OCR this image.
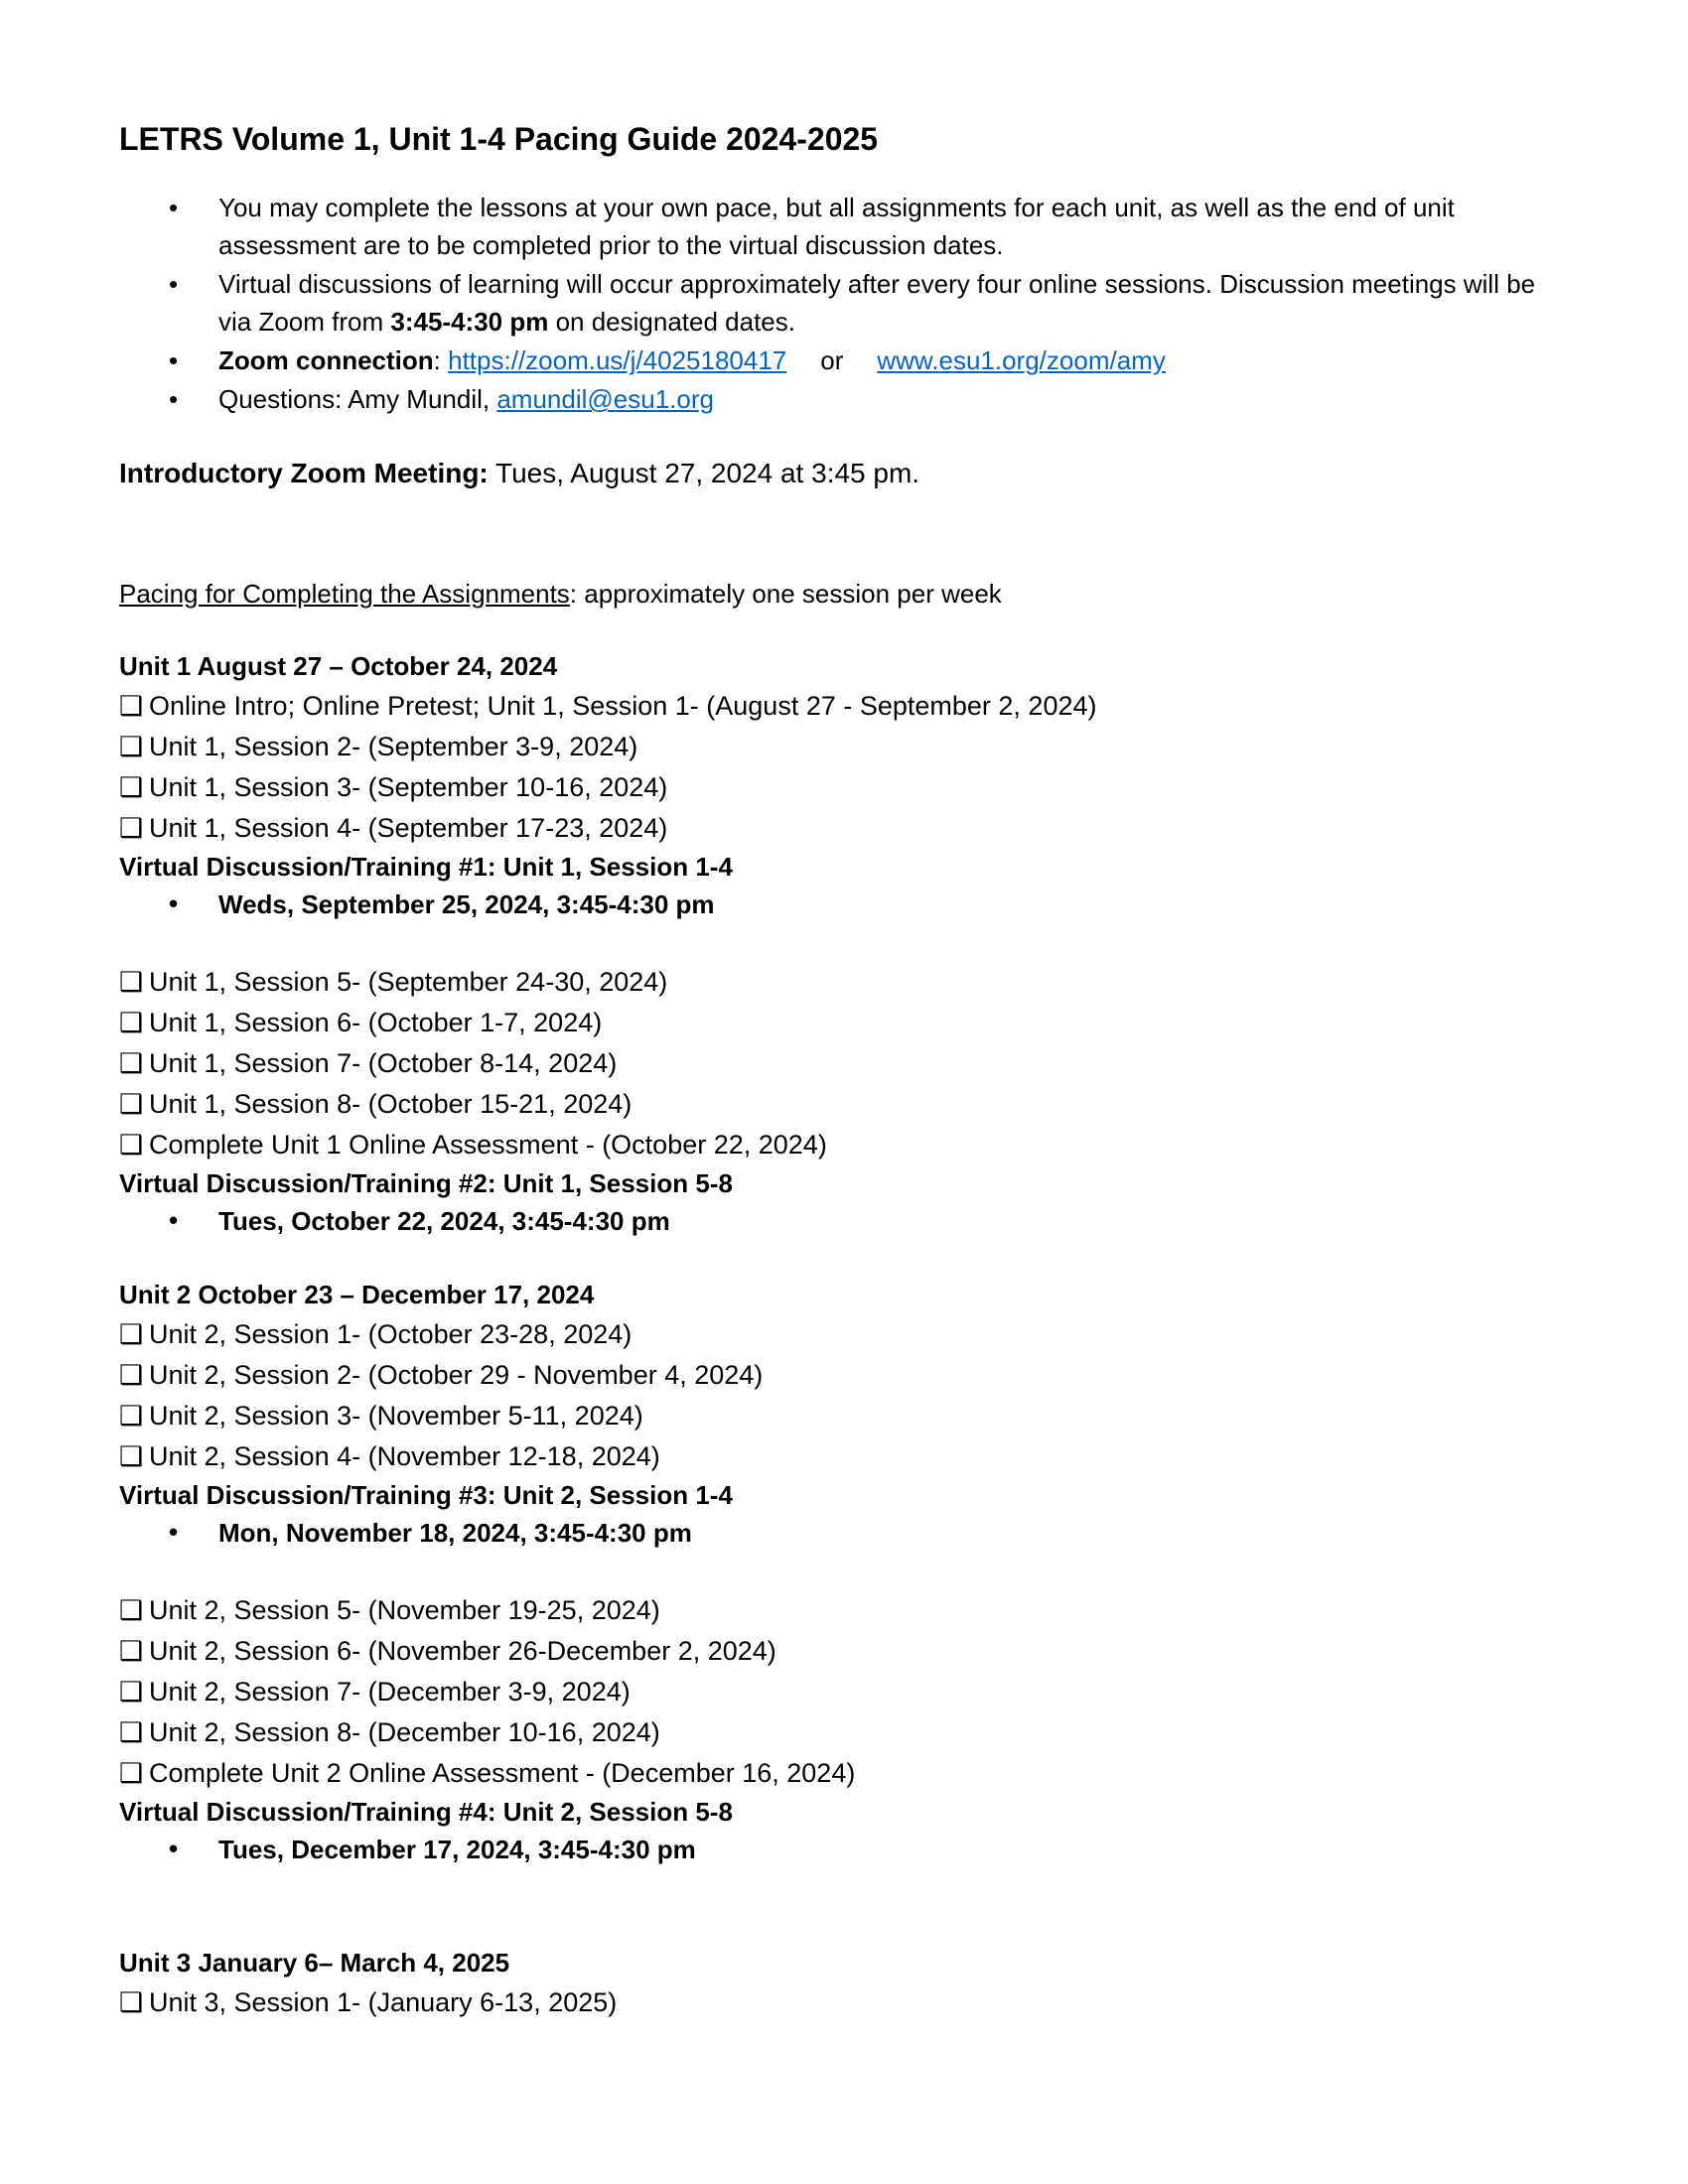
LETRS Volume 1, Unit 1-4 Pacing Guide 2024-2025
• You may complete the lessons at your own pace, but all assignments for each unit, as well as the end of unit assessment are to be completed prior to the virtual discussion dates.
• Virtual discussions of learning will occur approximately after every four online sessions. Discussion meetings will be via Zoom from 3:45-4:30 pm on designated dates.
• Zoom connection: https://zoom.us/j/4025180417 or www.esu1.org/zoom/amy
• Questions: Amy Mundil, amundil@esu1.org
Introductory Zoom Meeting: Tues, August 27, 2024 at 3:45 pm.
Pacing for Completing the Assignments: approximately one session per week
Unit 1 August 27 – October 24, 2024
❑ Online Intro; Online Pretest; Unit 1, Session 1- (August 27 - September 2, 2024)
❑ Unit 1, Session 2- (September 3-9, 2024)
❑ Unit 1, Session 3- (September 10-16, 2024)
❑ Unit 1, Session 4- (September 17-23, 2024)
Virtual Discussion/Training #1: Unit 1, Session 1-4
• Weds, September 25, 2024, 3:45-4:30 pm
❑ Unit 1, Session 5- (September 24-30, 2024)
❑ Unit 1, Session 6- (October 1-7, 2024)
❑ Unit 1, Session 7- (October 8-14, 2024)
❑ Unit 1, Session 8- (October 15-21, 2024)
❑ Complete Unit 1 Online Assessment - (October 22, 2024)
Virtual Discussion/Training #2: Unit 1, Session 5-8
• Tues, October 22, 2024, 3:45-4:30 pm
Unit 2 October 23 – December 17, 2024
❑ Unit 2, Session 1- (October 23-28, 2024)
❑ Unit 2, Session 2- (October 29 - November 4, 2024)
❑ Unit 2, Session 3- (November 5-11, 2024)
❑ Unit 2, Session 4- (November 12-18, 2024)
Virtual Discussion/Training #3: Unit 2, Session 1-4
• Mon, November 18, 2024, 3:45-4:30 pm
❑ Unit 2, Session 5- (November 19-25, 2024)
❑ Unit 2, Session 6- (November 26-December 2, 2024)
❑ Unit 2, Session 7- (December 3-9, 2024)
❑ Unit 2, Session 8- (December 10-16, 2024)
❑ Complete Unit 2 Online Assessment - (December 16, 2024)
Virtual Discussion/Training #4: Unit 2, Session 5-8
• Tues, December 17, 2024, 3:45-4:30 pm
Unit 3 January 6– March 4, 2025
❑ Unit 3, Session 1- (January 6-13, 2025)
